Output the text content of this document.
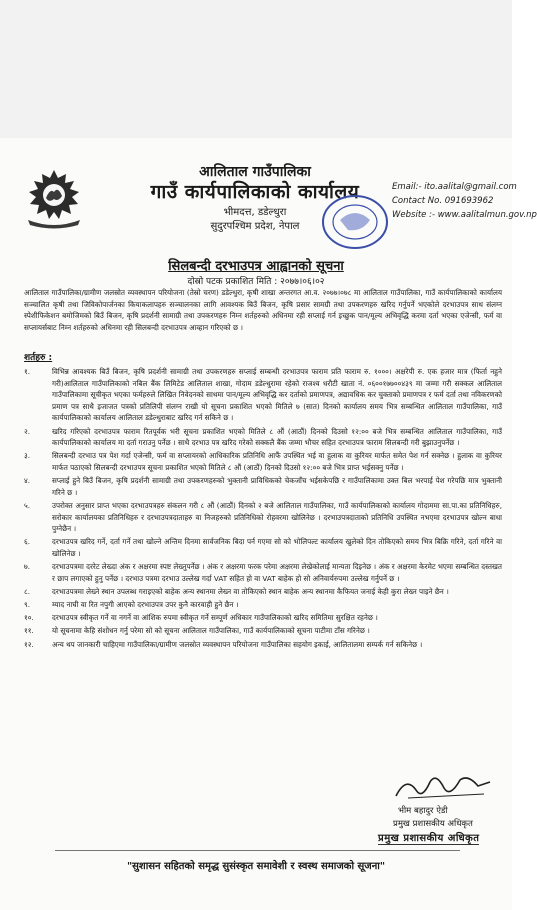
आलिताल गाउँपालिका
गाउँ कार्यपालिकाको कार्यालय
भीमदत्त, डडेल्धुरा
सुदुरपश्चिम प्रदेश, नेपाल
Email:- ito.aalital@gmail.com
Contact No. 091693962
Website :- www.aalitalmun.gov.np
सिलबन्दी दरभाउपत्र आह्वानको सूचना
दोस्रो पटक प्रकाशित मिति : २०७७।०६।०२
आलिताल गाउँपालिका/ग्रामीण जलस्रोत व्यवस्थापन परियोजना (तेस्रो चरण) डडेल्धुरा, कृषी शाखा अन्तरगत आ.व. २०७७।०७८ मा आलिताल गाउँपालिका, गाउँ कार्यपालिकाको कार्यालय सञ्चालित कृषी तथा जिविकोपार्जनका कियाकलापहरु सञ्चालनका लागि आवश्यक बिउँ बिजन, कृषि प्रसार सामग्री तथा उपकरणहरु खरिद गर्नुपर्ने भएकोले दरभाउपत्र साथ संलग्न स्पेशीफिकेशन बमोजिमको बिउँ बिजन, कृषि प्रदर्शनी सामाग्री तथा उपकरणहरु निम्न शर्तहरुको अधिनमा रही सप्लाई गर्न इच्छुक पान/मूल्य अभिवृद्धि करमा दर्ता भएका एजेन्सी, फर्म वा सप्लायर्सबाट निम्न शर्तहरुको अधिनमा रही सिलबन्दी दरभाउपत्र आव्हान गरिएको छ ।
शर्तहरु :
१.	विभिन्न आवश्यक बिउँ बिजन, कृषि प्रदर्शनी सामाग्री तथा उपकरणहरु सप्लाई सम्बन्धी दरभाउपत्र फाराम प्रति फाराम रु. १०००। अक्षरेपी रु. एक हजार मात्र (फिर्ता नहुने गरी)आलिताल गाउँपालिकाको नबिल बैंक लिमिटेड आलिताल शाखा, गोदाम डडेल्धुरामा रहेको राजश्व धरौटी खाता नं. ०६००१७७००४३९ मा जम्मा गरी सक्कल आलिताल गाउँपालिकामा सूचीकृत भएका फर्महरुले लिखित निवेदनको साथमा पान/मूल्य अभिवृद्धि कर दर्ताको प्रमाणपत्र, अद्यावधिक कर चुक्ताको प्रमाणपत्र र फर्म दर्ता तथा नविकरणको प्रमाण पत्र साथै इजाजत पत्रको प्रतिलिपी संलग्न राखी यो सूचना प्रकाशित भएको मितिले ७ (सात) दिनको कार्यालय समय भित्र सम्बन्धित आलिताल गाउँपालिका, गाउँ कार्यपालिकाको कार्यालय आलिताल डडेल्धुराबाट खरिद गर्न सकिने छ ।
२.	खरिद गरिएको दरभाउपत्र फाराम रितपूर्वक भरी सूचना प्रकाशित भएको मितिले ८ औं (आठौं) दिनको दिउसो १२:०० बजे भित्र सम्बन्धित आलिताल गाउँपालिका, गाउँ कार्यपालिकाको कार्यालय मा दर्ता गराउनु पर्नेछ । साथै दरभाउ पत्र खरिद गरेको सक्कलै बैंक जम्मा भौचर सहित दरभाउपत्र फाराम सिलबन्दी गरी बुझाउनुपर्नेछ ।
३.	सिलबन्दी दरभाउ पत्र पेश गर्दा एजेन्सी, फर्म वा सप्लायरको आधिकारिक प्रतिनिधि आफैं उपस्थित भई वा हुलाक वा कुरियर मार्फत समेत पेश गर्न सक्नेछ । हुलाक वा कुरियर मार्फत पठाएको सिलबन्दी दरभाउपत्र सूचना प्रकाशित भएको मितिले ८ औं (आठौं) दिनको दिउसो १२:०० बजे भित्र प्राप्त भईसक्नु पर्नेछ ।
४.	सप्लाई हुने बिउँ बिजन, कृषि प्रदर्शनी सामाग्री तथा उपकरणहरुको भुक्तानी प्राविधिकको चेकजाँच भईसकेपछि र गाउँपालिकामा उक्त बिल भरपाई पेश गरेपछि मात्र भुक्तानी गरिने छ ।
५.	उपरोक्त अनुसार प्राप्त भएका दरभाउपत्रहरु संकलन गरी ८ औं (आठौं) दिनको २ बजे आलिताल गाउँपालिका, गाउँ कार्यपालिकाको कार्यालय गोदाममा सा.पा.का प्रतिनिधिहरु, सरोकार कार्यालयका प्रतिनिधिहरु र दरभाउपत्रदाताहरु वा निजहरुको प्रतिनिधिको रोहवरमा खोलिनेछ । दरभाउपत्रदाताको प्रतिनिधि उपस्थित नभएमा दरभाउपत्र खोल्न बाधा पुग्नेछैन ।
६.	दरभाउपत्र खरिद गर्ने, दर्ता गर्ने तथा खोल्ने अन्तिम दिनमा सार्वजनिक बिदा पर्न गएमा सो को भोलिपल्ट कार्यालय खुलेको दिन तोकिएको समय भित्र बिक्रि गरिने, दर्ता गरिने वा खोलिनेछ ।
७.	दरभाउपत्रमा दररेट लेख्दा अंक र अक्षरमा स्पष्ट लेख्नुपर्नेछ । अंक र अक्षरमा फरक परेमा अक्षरमा लेखेकोलाई मान्यता दिइनेछ । अंक र अक्षरमा केरमेट भएमा सम्बन्धित दस्तखत र छाप लगाएको हुनु पर्नेछ । दरभाउ पत्रमा दरभाउ उल्लेख गर्दा VAT सहित हो वा VAT बाहेक हो सो अनिवार्यरुपमा उल्लेख गर्नुपर्ने छ ।
८.	दरभाउपत्रमा लेख्ने स्थान उपलब्ध गराइएको बाहेक अन्य स्थानमा लेख्न वा तोकिएको स्थान बाहेक अन्य स्थानमा कैफियत जनाई केही कुरा लेख्न पाइने छैन ।
९.	म्याद नाघी वा रित नपुगी आएको दरभाउपत्र उपर कुनै कारवाही हुने छैन ।
१०.	दरभाउपत्र स्वीकृत गर्ने वा नगर्ने वा आंशिक रुपमा स्वीकृत गर्ने सम्पूर्ण अधिकार गाउँपालिकाको खरिद समितिमा सुरक्षित रहनेछ ।
११.	यो सूचनामा केहि संशोधन गर्नु परेमा सो को सूचना आलिताल गाउँपालिका, गाउँ कार्यपालिकाको सूचना पाटीमा टाँस गरिनेछ ।
१२.	अन्य थप जानकारी चाहिएमा गाउँपालिका/ग्रामीण जलस्रोत व्यवस्थापन परियोजना गाउँपालिका सहयोग इकाई, आलितालमा सम्पर्क गर्न सकिनेछ ।
भीम बहादुर ऐडी
प्रमुख प्रशासकीय अधिकृत
प्रमुख प्रशासकीय अधिकृत
"सुशासन सहितको समृद्ध सुसंस्कृत समावेशी र स्वस्थ समाजको सूजना"
